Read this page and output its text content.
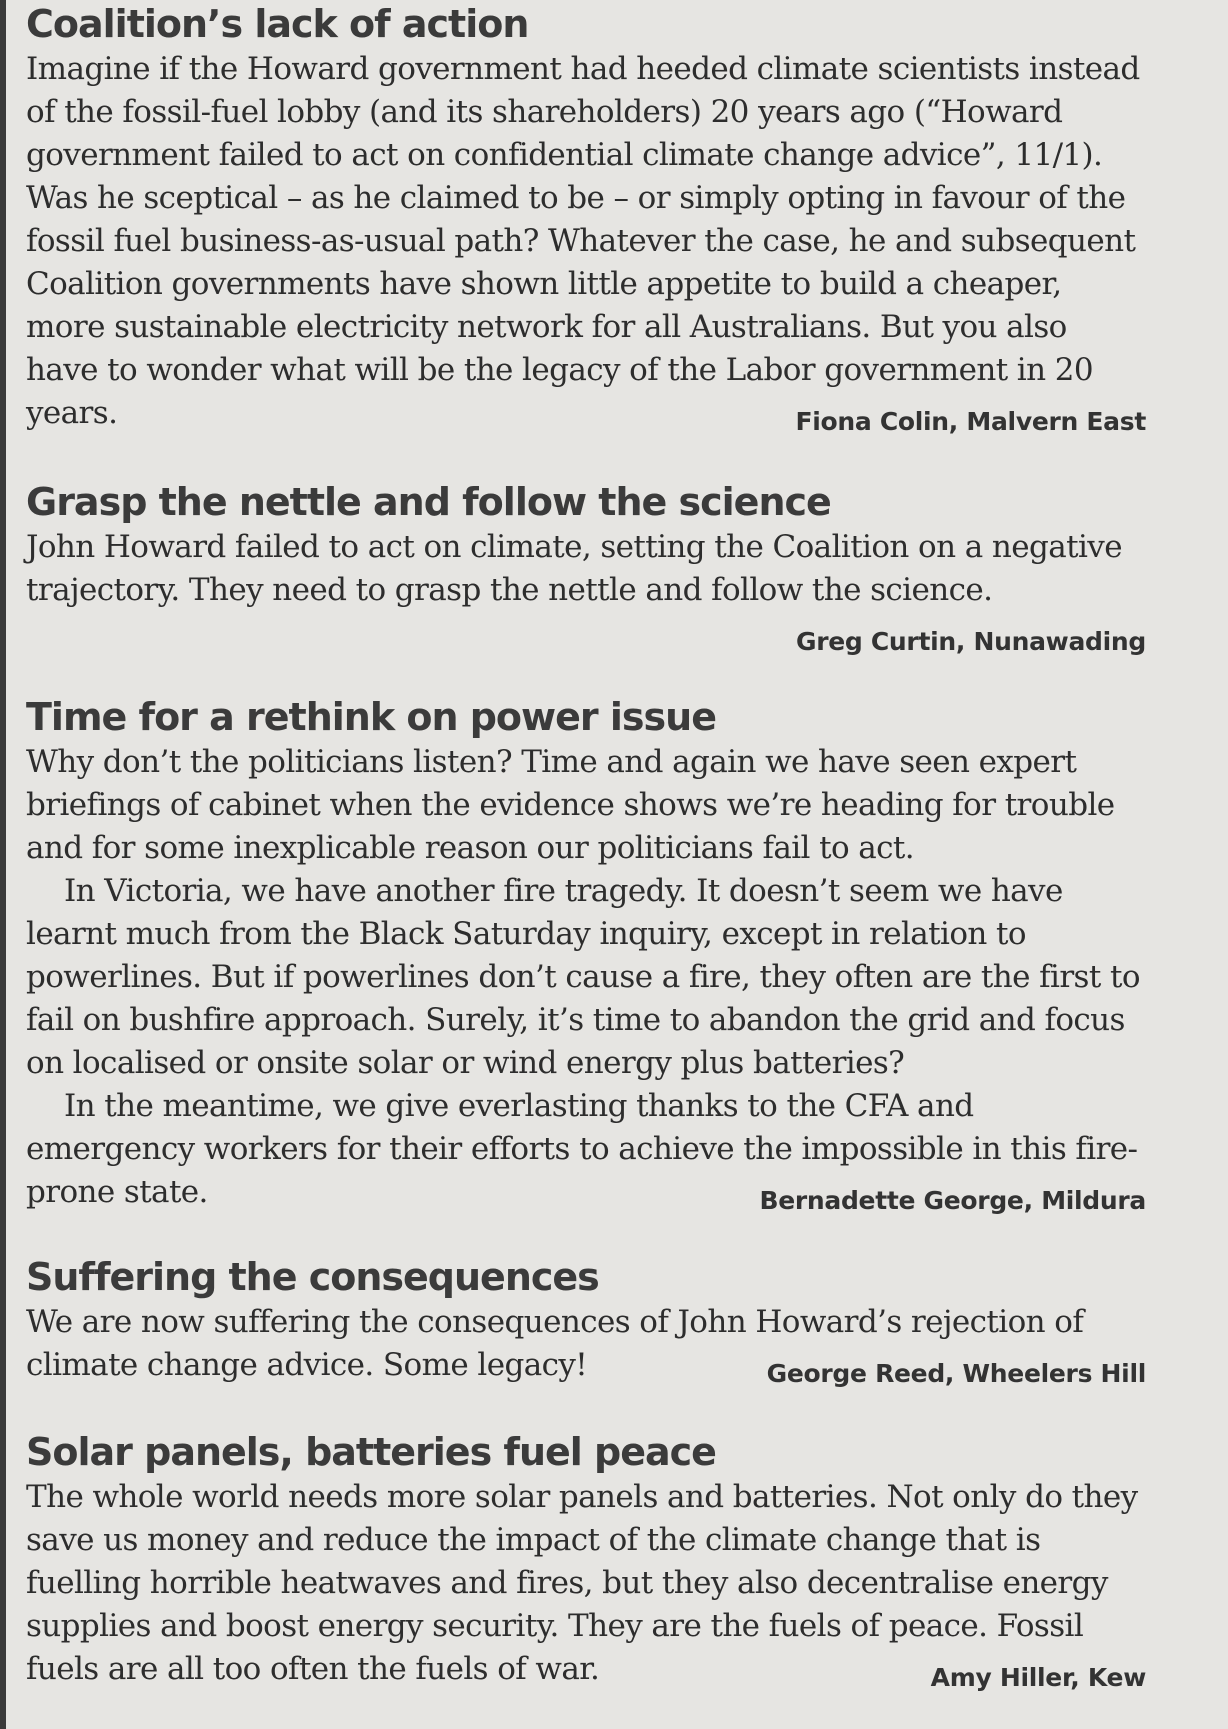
Coalition’s lack of action

Imagine if the Howard government had heeded climate scientists instead of the fossil-fuel lobby (and its shareholders) 20 years ago (“Howard government failed to act on confidential climate change advice”, 11/1). Was he sceptical – as he claimed to be – or simply opting in favour of the fossil fuel business-as-usual path? Whatever the case, he and subsequent Coalition governments have shown little appetite to build a cheaper, more sustainable electricity network for all Australians. But you also have to wonder what will be the legacy of the Labor government in 20 years.	Fiona Colin, Malvern East

Grasp the nettle and follow the science

John Howard failed to act on climate, setting the Coalition on a negative trajectory. They need to grasp the nettle and follow the science.
Greg Curtin, Nunawading

Time for a rethink on power issue

Why don’t the politicians listen? Time and again we have seen expert briefings of cabinet when the evidence shows we’re heading for trouble and for some inexplicable reason our politicians fail to act.

In Victoria, we have another fire tragedy. It doesn’t seem we have learnt much from the Black Saturday inquiry, except in relation to powerlines. But if powerlines don’t cause a fire, they often are the first to fail on bushfire approach. Surely, it’s time to abandon the grid and focus on localised or onsite solar or wind energy plus batteries?

In the meantime, we give everlasting thanks to the CFA and emergency workers for their efforts to achieve the impossible in this fire-prone state.	Bernadette George, Mildura

Suffering the consequences

We are now suffering the consequences of John Howard’s rejection of climate change advice. Some legacy!	George Reed, Wheelers Hill

Solar panels, batteries fuel peace

The whole world needs more solar panels and batteries. Not only do they save us money and reduce the impact of the climate change that is fuelling horrible heatwaves and fires, but they also decentralise energy supplies and boost energy security. They are the fuels of peace. Fossil fuels are all too often the fuels of war.	Amy Hiller, Kew
